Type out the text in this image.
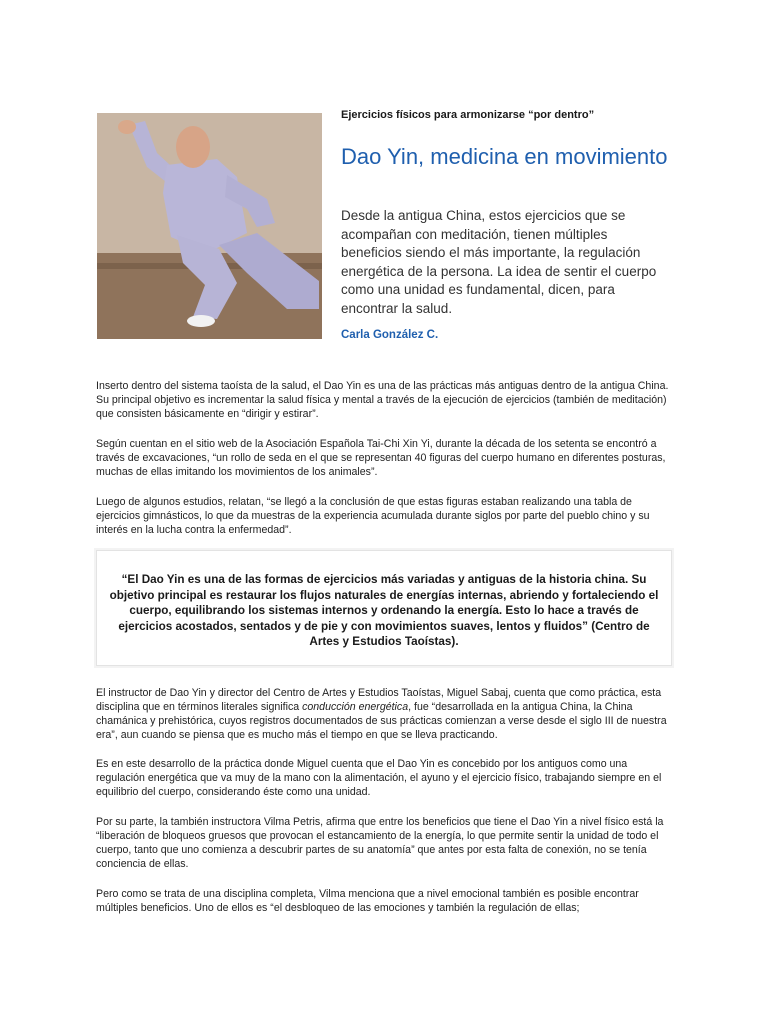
Ejercicios físicos para armonizarse “por dentro”
Dao Yin, medicina en movimiento

Desde la antigua China, estos ejercicios que se acompañan con meditación, tienen múltiples beneficios siendo el más importante, la regulación energética de la persona. La idea de sentir el cuerpo como una unidad es fundamental, dicen, para encontrar la salud.

Carla González C.

Inserto dentro del sistema taoísta de la salud, el Dao Yin es una de las prácticas más antiguas dentro de la antigua China. Su principal objetivo es incrementar la salud física y mental a través de la ejecución de ejercicios (también de meditación) que consisten básicamente en “dirigir y estirar”.

Según cuentan en el sitio web de la Asociación Española Tai-Chi Xin Yi, durante la década de los setenta se encontró a través de excavaciones, “un rollo de seda en el que se representan 40 figuras del cuerpo humano en diferentes posturas, muchas de ellas imitando los movimientos de los animales”.

Luego de algunos estudios, relatan, “se llegó a la conclusión de que estas figuras estaban realizando una tabla de ejercicios gimnásticos, lo que da muestras de la experiencia acumulada durante siglos por parte del pueblo chino y su interés en la lucha contra la enfermedad”.

“El Dao Yin es una de las formas de ejercicios más variadas y antiguas de la historia china. Su objetivo principal es restaurar los flujos naturales de energías internas, abriendo y fortaleciendo el cuerpo, equilibrando los sistemas internos y ordenando la energía. Esto lo hace a través de ejercicios acostados, sentados y de pie y con movimientos suaves, lentos y fluidos” (Centro de Artes y Estudios Taoístas).

El instructor de Dao Yin y director del Centro de Artes y Estudios Taoístas, Miguel Sabaj, cuenta que como práctica, esta disciplina que en términos literales significa conducción energética, fue “desarrollada en la antigua China, la China chamánica y prehistórica, cuyos registros documentados de sus prácticas comienzan a verse desde el siglo III de nuestra era”, aun cuando se piensa que es mucho más el tiempo en que se lleva practicando.

Es en este desarrollo de la práctica donde Miguel cuenta que el Dao Yin es concebido por los antiguos como una regulación energética que va muy de la mano con la alimentación, el ayuno y el ejercicio físico, trabajando siempre en el equilibrio del cuerpo, considerando éste como una unidad.

Por su parte, la también instructora Vilma Petris, afirma que entre los beneficios que tiene el Dao Yin a nivel físico está la “liberación de bloqueos gruesos que provocan el estancamiento de la energía, lo que permite sentir la unidad de todo el cuerpo, tanto que uno comienza a descubrir partes de su anatomía” que antes por esta falta de conexión, no se tenía conciencia de ellas.

Pero como se trata de una disciplina completa, Vilma menciona que a nivel emocional también es posible encontrar múltiples beneficios. Uno de ellos es “el desbloqueo de las emociones y también la regulación de ellas;
